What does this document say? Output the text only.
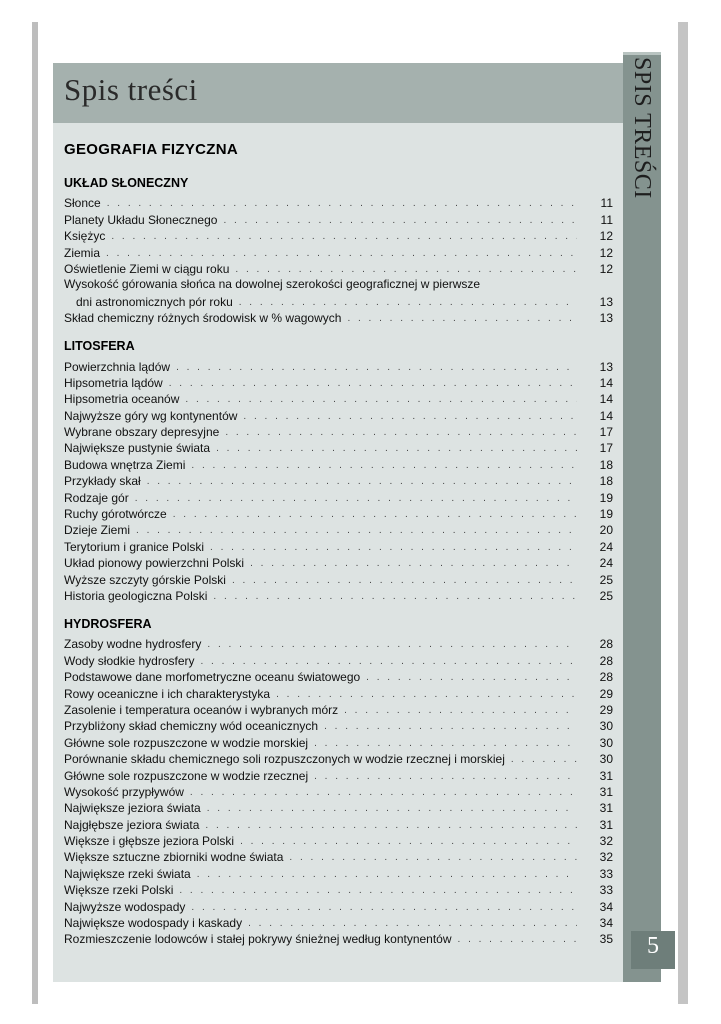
Spis treści	SPIS TREŚCI
5
GEOGRAFIA FIZYCZNA
UKŁAD SŁONECZNY
Słonce . . .	11
Planety Układu Słonecznego . . .	11
Księżyc . . .	12
Ziemia . . .	12
Oświetlenie Ziemi w ciągu roku . . .	12
Wysokość górowania słońca na dowolnej szerokości geograficznej w pierwsze
dni astronomicznych pór roku . . .	13
Skład chemiczny różnych środowisk w % wagowych . . .	13
LITOSFERA
Powierzchnia lądów . . .	13
Hipsometria lądów . . .	14
Hipsometria oceanów . . .	14
Najwyższe góry wg kontynentów . . .	14
Wybrane obszary depresyjne . . .	17
Największe pustynie świata . . .	17
Budowa wnętrza Ziemi . . .	18
Przykłady skał . . .	18
Rodzaje gór . . .	19
Ruchy górotwórcze . . .	19
Dzieje Ziemi . . .	20
Terytorium i granice Polski . . .	24
Układ pionowy powierzchni Polski . . .	24
Wyższe szczyty górskie Polski . . .	25
Historia geologiczna Polski . . .	25
HYDROSFERA
Zasoby wodne hydrosfery . . .	28
Wody słodkie hydrosfery . . .	28
Podstawowe dane morfometryczne oceanu światowego . . .	28
Rowy oceaniczne i ich charakterystyka . . .	29
Zasolenie i temperatura oceanów i wybranych mórz . . .	29
Przybliżony skład chemiczny wód oceanicznych . . .	30
Główne sole rozpuszczone w wodzie morskiej . . .	30
Porównanie składu chemicznego soli rozpuszczonych w wodzie rzecznej i morskiej . . .	30
Główne sole rozpuszczone w wodzie rzecznej . . .	31
Wysokość przypływów . . .	31
Największe jeziora świata . . .	31
Najgłębsze jeziora świata . . .	31
Większe i głębsze jeziora Polski . . .	32
Większe sztuczne zbiorniki wodne świata . . .	32
Największe rzeki świata . . .	33
Większe rzeki Polski . . .	33
Najwyższe wodospady . . .	34
Największe wodospady i kaskady . . .	34
Rozmieszczenie lodowców i stałej pokrywy śnieżnej według kontynentów . . .	35
